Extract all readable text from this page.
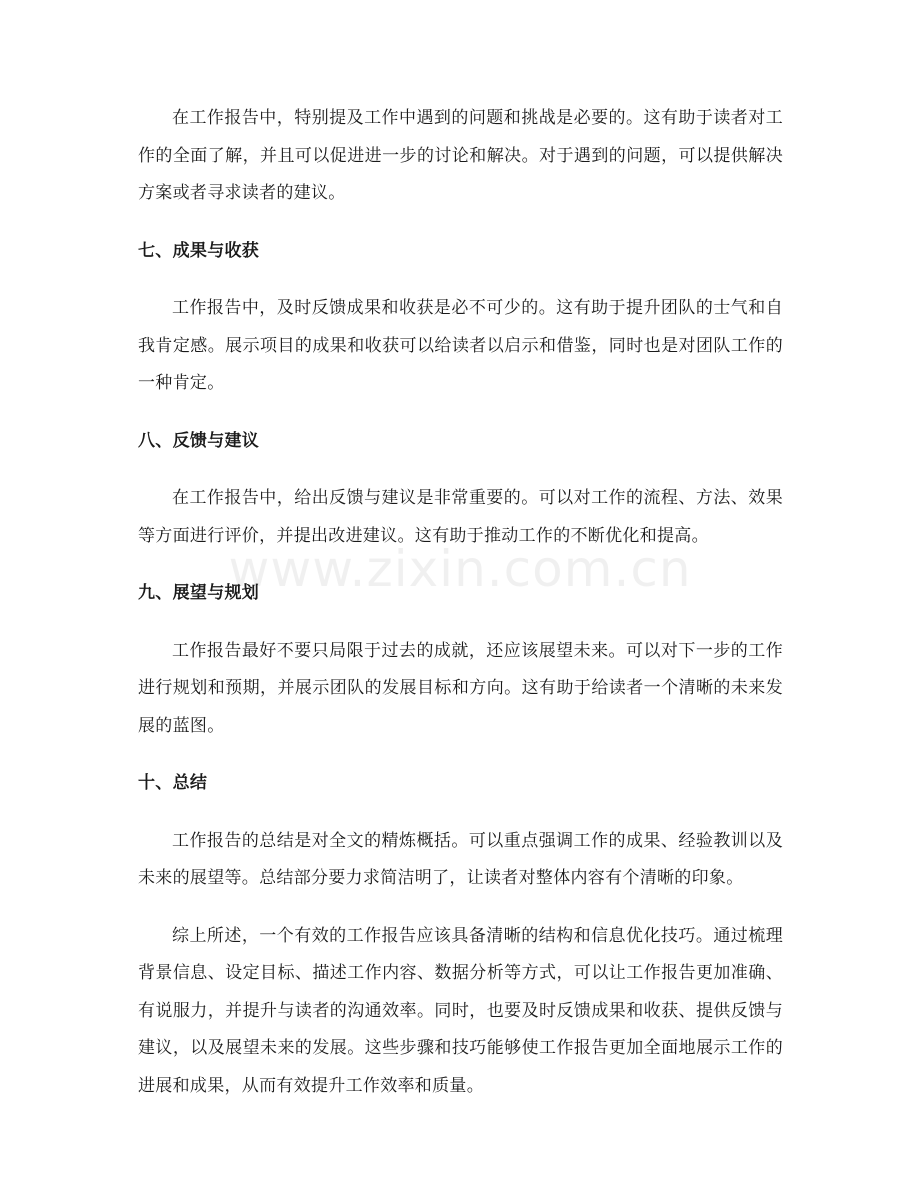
www.zixin.com.cn

在工作报告中，特别提及工作中遇到的问题和挑战是必要的。这有助于读者对工作的全面了解，并且可以促进进一步的讨论和解决。对于遇到的问题，可以提供解决方案或者寻求读者的建议。

七、成果与收获

工作报告中，及时反馈成果和收获是必不可少的。这有助于提升团队的士气和自我肯定感。展示项目的成果和收获可以给读者以启示和借鉴，同时也是对团队工作的一种肯定。

八、反馈与建议

在工作报告中，给出反馈与建议是非常重要的。可以对工作的流程、方法、效果等方面进行评价，并提出改进建议。这有助于推动工作的不断优化和提高。

九、展望与规划

工作报告最好不要只局限于过去的成就，还应该展望未来。可以对下一步的工作进行规划和预期，并展示团队的发展目标和方向。这有助于给读者一个清晰的未来发展的蓝图。

十、总结

工作报告的总结是对全文的精炼概括。可以重点强调工作的成果、经验教训以及未来的展望等。总结部分要力求简洁明了，让读者对整体内容有个清晰的印象。

综上所述，一个有效的工作报告应该具备清晰的结构和信息优化技巧。通过梳理背景信息、设定目标、描述工作内容、数据分析等方式，可以让工作报告更加准确、有说服力，并提升与读者的沟通效率。同时，也要及时反馈成果和收获、提供反馈与建议，以及展望未来的发展。这些步骤和技巧能够使工作报告更加全面地展示工作的进展和成果，从而有效提升工作效率和质量。
